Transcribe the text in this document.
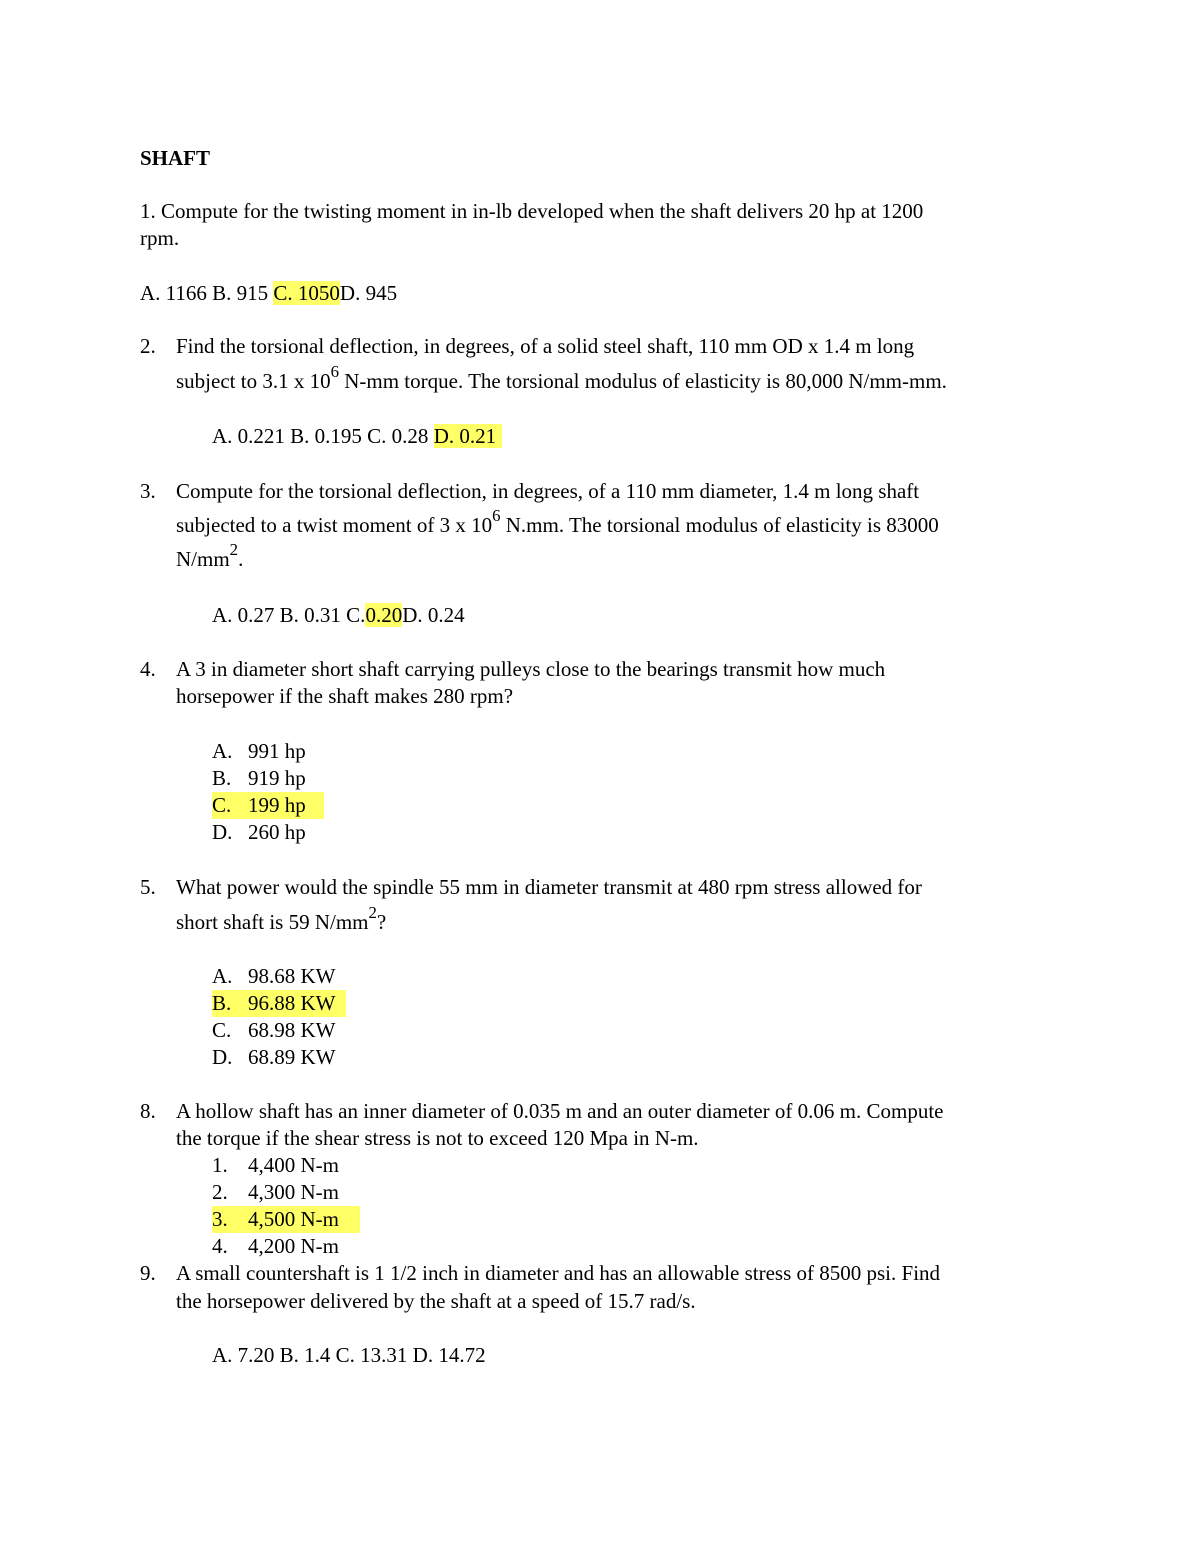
SHAFT
1. Compute for the twisting moment in in-lb developed when the shaft delivers 20 hp at 1200
rpm.
A. 1166 B. 915 C. 1050D. 945
2. Find the torsional deflection, in degrees, of a solid steel shaft, 110 mm OD x 1.4 m long
subject to 3.1 x $10^6$ N-mm torque. The torsional modulus of elasticity is 80,000 N/mm-mm.
A. 0.221 B. 0.195 C. 0.28 D. 0.21
3. Compute for the torsional deflection, in degrees, of a 110 mm diameter, 1.4 m long shaft
subjected to a twist moment of 3 x $10^6$ N.mm. The torsional modulus of elasticity is 83000
$N/mm^2$.
A. 0.27 B. 0.31 C.0.20D. 0.24
4. A 3 in diameter short shaft carrying pulleys close to the bearings transmit how much
horsepower if the shaft makes 280 rpm?
A. 991 hp
B. 919 hp
C. 199 hp
D. 260 hp
5. What power would the spindle 55 mm in diameter transmit at 480 rpm stress allowed for
short shaft is 59 $N/mm^2$?
A. 98.68 KW
B. 96.88 KW
C. 68.98 KW
D. 68.89 KW
8. A hollow shaft has an inner diameter of 0.035 m and an outer diameter of 0.06 m. Compute
the torque if the shear stress is not to exceed 120 Mpa in N-m.
1. 4,400 N-m
2. 4,300 N-m
3. 4,500 N-m
4. 4,200 N-m
9. A small countershaft is 1 1/2 inch in diameter and has an allowable stress of 8500 psi. Find
the horsepower delivered by the shaft at a speed of 15.7 rad/s.
A. 7.20 B. 1.4 C. 13.31 D. 14.72
